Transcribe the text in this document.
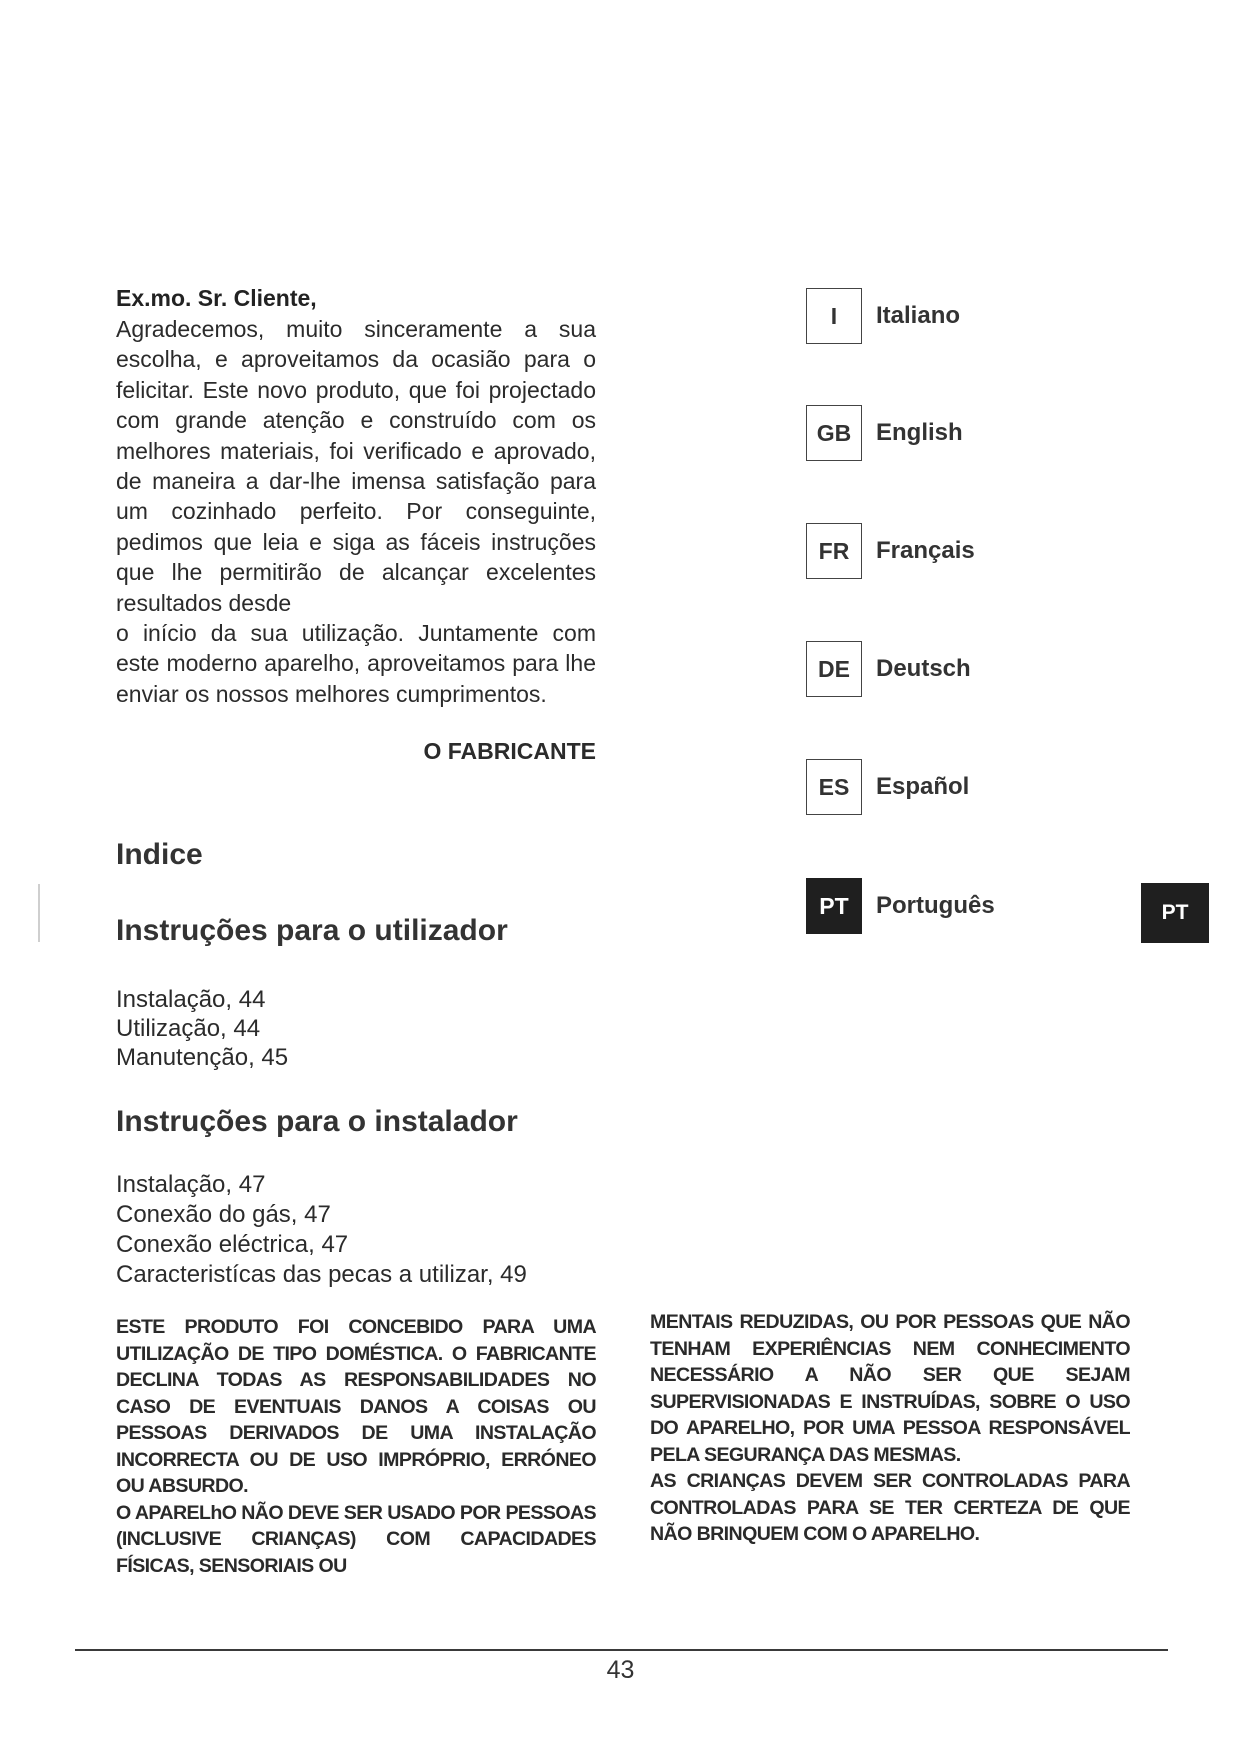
Ex.mo. Sr. Cliente,

Agradecemos, muito sinceramente a sua escolha, e aproveitamos da ocasião para o felicitar. Este novo produto, que foi projectado com grande atenção e construído com os melhores materiais, foi verificado e aprovado, de maneira a dar-lhe imensa satisfação para um cozinhado perfeito. Por conseguinte, pedimos que leia e siga as fáceis instruções que lhe permitirão de alcançar excelentes resultados desde

o início da sua utilização. Juntamente com este moderno aparelho, aproveitamos para lhe enviar os nossos melhores cumprimentos.

O FABRICANTE
Indice
Instruções para o utilizador
Instalação, 44
Utilização, 44
Manutenção, 45
Instruções para o instalador
Instalação, 47
Conexão do gás, 47
Conexão eléctrica, 47
Caracteristícas das pecas a utilizar, 49
I	Italiano
GB	English
FR	Français
DE	Deutsch
ES	Español
PT	Português	PT

ESTE PRODUTO FOI CONCEBIDO PARA UMA UTILIZAÇÃO DE TIPO DOMÉSTICA. O FABRICANTE DECLINA TODAS AS RESPONSABILIDADES NO CASO DE EVENTUAIS DANOS A COISAS OU PESSOAS DERIVADOS DE UMA INSTALAÇÃO INCORRECTA OU DE USO IMPRÓPRIO, ERRÓNEO OU ABSURDO.

O APARELhO NÃO DEVE SER USADO POR PESSOAS (INCLUSIVE CRIANÇAS) COM CAPACIDADES FÍSICAS, SENSORIAIS OU

MENTAIS REDUZIDAS, OU POR PESSOAS QUE NÃO TENHAM EXPERIÊNCIAS NEM CONHECIMENTO NECESSÁRIO A NÃO SER QUE SEJAM SUPERVISIONADAS E INSTRUÍDAS, SOBRE O USO DO APARELHO, POR UMA PESSOA RESPONSÁVEL PELA SEGURANÇA DAS MESMAS.

AS CRIANÇAS DEVEM SER CONTROLADAS PARA CONTROLADAS PARA SE TER CERTEZA DE QUE NÃO BRINQUEM COM O APARELHO.

43
